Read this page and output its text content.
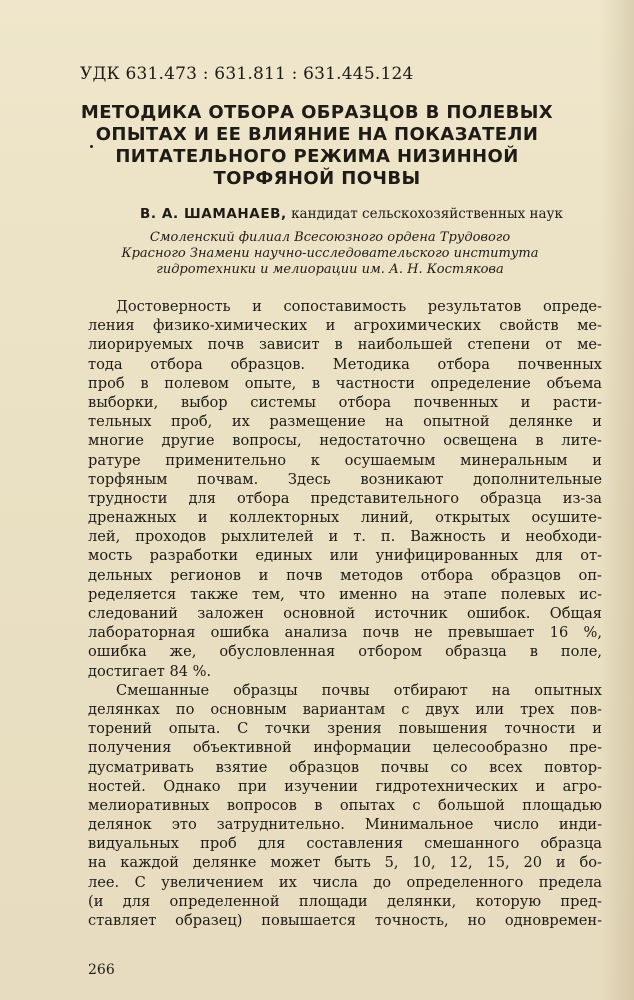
УДК 631.473 : 631.811 : 631.445.124
МЕТОДИКА ОТБОРА ОБРАЗЦОВ В ПОЛЕВЫХ
ОПЫТАХ И ЕЕ ВЛИЯНИЕ НА ПОКАЗАТЕЛИ
ПИТАТЕЛЬНОГО РЕЖИМА НИЗИННОЙ
ТОРФЯНОЙ ПОЧВЫ
В. А. ШАМАНАЕВ, кандидат сельскохозяйственных наук
Смоленский филиал Всесоюзного ордена Трудового
Красного Знамени научно-исследовательского института
гидротехники и мелиорации им. А. Н. Костякова
Достоверность и сопоставимость результатов опреде-
ления физико-химических и агрохимических свойств ме-
лиорируемых почв зависит в наибольшей степени от ме-
тода отбора образцов. Методика отбора почвенных
проб в полевом опыте, в частности определение объема
выборки, выбор системы отбора почвенных и расти-
тельных проб, их размещение на опытной делянке и
многие другие вопросы, недостаточно освещена в лите-
ратуре применительно к осушаемым минеральным и
торфяным почвам. Здесь возникают дополнительные
трудности для отбора представительного образца из-за
дренажных и коллекторных линий, открытых осушите-
лей, проходов рыхлителей и т. п. Важность и необходи-
мость разработки единых или унифицированных для от-
дельных регионов и почв методов отбора образцов оп-
ределяется также тем, что именно на этапе полевых ис-
следований заложен основной источник ошибок. Общая
лабораторная ошибка анализа почв не превышает 16 %,
ошибка же, обусловленная отбором образца в поле,
достигает 84 %.
Смешанные образцы почвы отбирают на опытных
делянках по основным вариантам с двух или трех пов-
торений опыта. С точки зрения повышения точности и
получения объективной информации целесообразно пре-
дусматривать взятие образцов почвы со всех повтор-
ностей. Однако при изучении гидротехнических и агро-
мелиоративных вопросов в опытах с большой площадью
делянок это затруднительно. Минимальное число инди-
видуальных проб для составления смешанного образца
на каждой делянке может быть 5, 10, 12, 15, 20 и бо-
лее. С увеличением их числа до определенного предела
(и для определенной площади делянки, которую пред-
ставляет образец) повышается точность, но одновремен-
266
